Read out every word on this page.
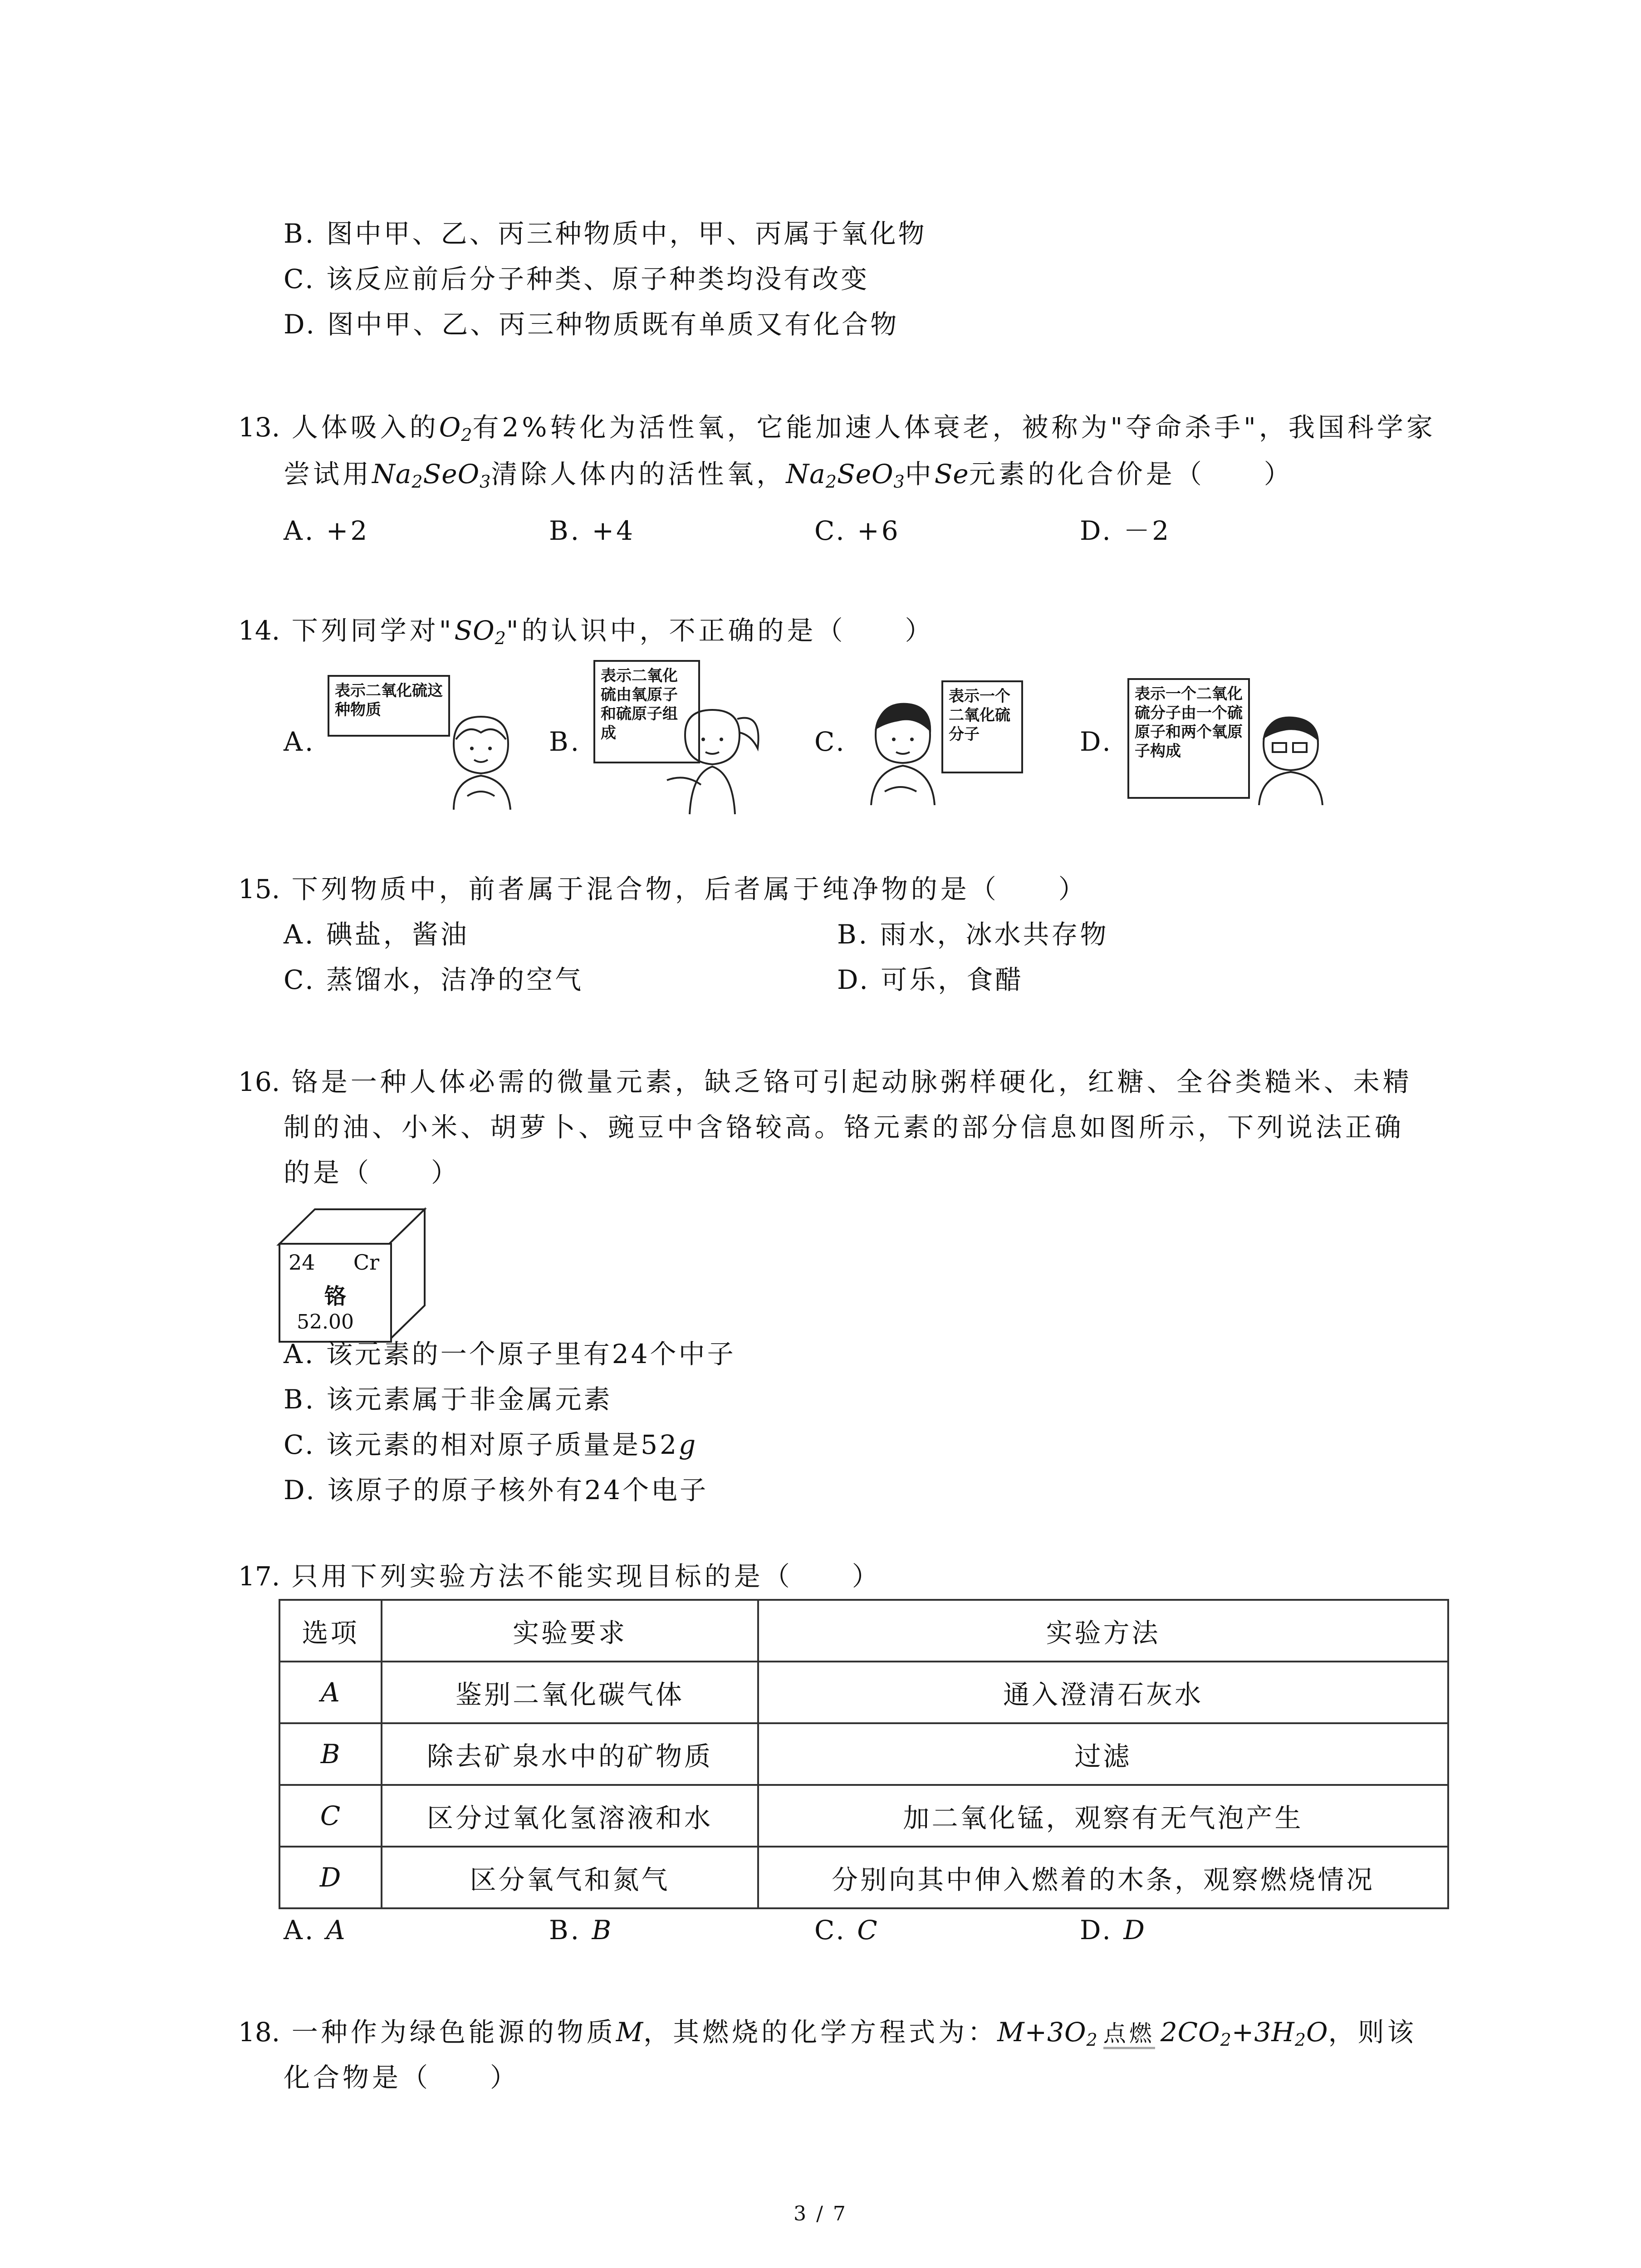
B. 图中甲、乙、丙三种物质中，甲、丙属于氧化物
C. 该反应前后分子种类、原子种类均没有改变
D. 图中甲、乙、丙三种物质既有单质又有化合物
13. 人体吸入的$O_2$有2%转化为活性氧，它能加速人体衰老，被称为"夺命杀手"，我国科学家
尝试用$Na_2SeO_3$清除人体内的活性氧，$Na_2SeO_3$中Se元素的化合价是（　　）
A. +2	B. +4	C. +6	D. －2
14. 下列同学对"$SO_2$"的认识中，不正确的是（　　）
A.
表示二氧化硫这种物质
B.
表示二氧化硫由氧原子和硫原子组成	C.
表示一个二氧化硫分子	D.
表示一个二氧化硫分子由一个硫原子和两个氧原子构成
15. 下列物质中，前者属于混合物，后者属于纯净物的是（　　）
A. 碘盐，酱油	B. 雨水，冰水共存物
C. 蒸馏水，洁净的空气	D. 可乐，食醋
16. 铬是一种人体必需的微量元素，缺乏铬可引起动脉粥样硬化，红糖、全谷类糙米、未精
制的油、小米、胡萝卜、豌豆中含铬较高。铬元素的部分信息如图所示，下列说法正确
的是（　　）
24 Cr
铬
52.00
A. 该元素的一个原子里有24个中子
B. 该元素属于非金属元素
C. 该元素的相对原子质量是52g
D. 该原子的原子核外有24个电子
17. 只用下列实验方法不能实现目标的是（　　）
选项	实验要求	实验方法
A	鉴别二氧化碳气体	通入澄清石灰水
B	除去矿泉水中的矿物质	过滤
C	区分过氧化氢溶液和水	加二氧化锰，观察有无气泡产生
D	区分氧气和氮气	分别向其中伸入燃着的木条，观察燃烧情况
A. A	B. B	C. C	D. D
18. 一种作为绿色能源的物质M，其燃烧的化学方程式为：$M+3O_2$ 点燃 $2CO_2+3H_2O$，则该
化合物是（　　）
3 / 7
